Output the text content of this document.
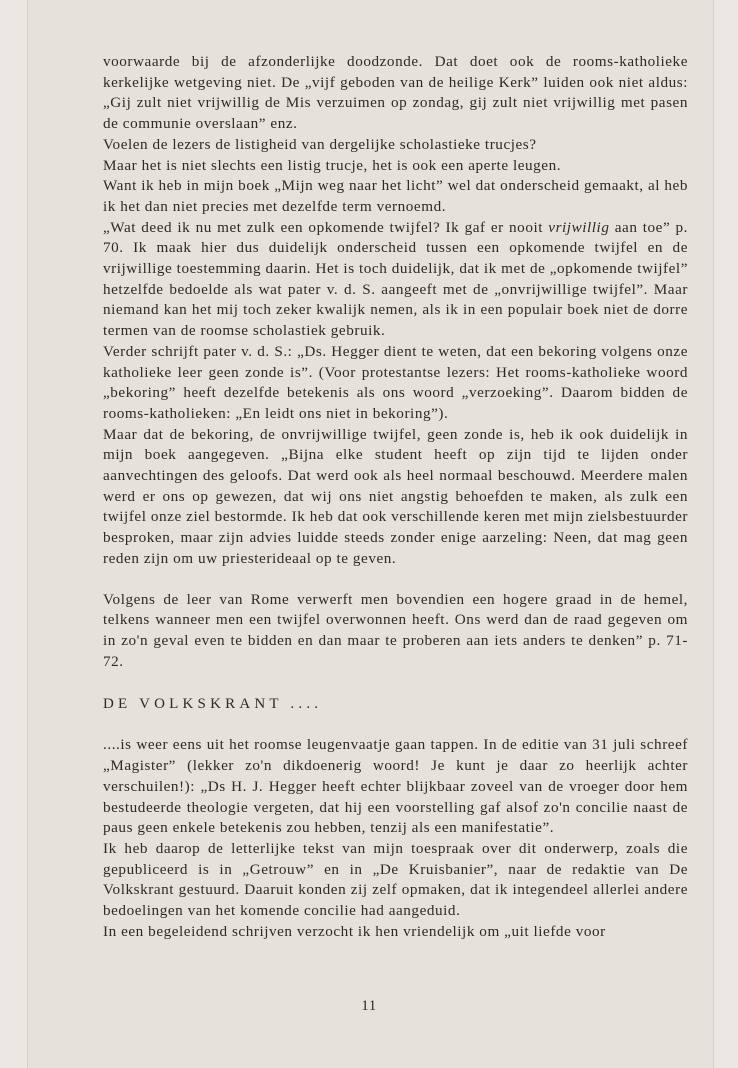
voorwaarde bij de afzonderlijke doodzonde. Dat doet ook de rooms-katholieke kerkelijke wetgeving niet. De „vijf geboden van de heilige Kerk” luiden ook niet aldus: „Gij zult niet vrijwillig de Mis verzuimen op zondag, gij zult niet vrijwillig met pasen de communie overslaan” enz.

Voelen de lezers de listigheid van dergelijke scholastieke trucjes?

Maar het is niet slechts een listig trucje, het is ook een aperte leugen.

Want ik heb in mijn boek „Mijn weg naar het licht” wel dat onderscheid gemaakt, al heb ik het dan niet precies met dezelfde term vernoemd.

„Wat deed ik nu met zulk een opkomende twijfel? Ik gaf er nooit vrijwillig aan toe” p. 70. Ik maak hier dus duidelijk onderscheid tussen een opkomende twijfel en de vrijwillige toestemming daarin. Het is toch duidelijk, dat ik met de „opkomende twijfel” hetzelfde bedoelde als wat pater v. d. S. aangeeft met de „onvrijwillige twijfel”. Maar niemand kan het mij toch zeker kwalijk nemen, als ik in een populair boek niet de dorre termen van de roomse scholastiek gebruik.

Verder schrijft pater v. d. S.: „Ds. Hegger dient te weten, dat een bekoring volgens onze katholieke leer geen zonde is”. (Voor protestantse lezers: Het rooms-katholieke woord „bekoring” heeft dezelfde betekenis als ons woord „verzoeking”. Daarom bidden de rooms-katholieken: „En leidt ons niet in bekoring”).

Maar dat de bekoring, de onvrijwillige twijfel, geen zonde is, heb ik ook duidelijk in mijn boek aangegeven. „Bijna elke student heeft op zijn tijd te lijden onder aanvechtingen des geloofs. Dat werd ook als heel normaal beschouwd. Meerdere malen werd er ons op gewezen, dat wij ons niet angstig behoefden te maken, als zulk een twijfel onze ziel bestormde. Ik heb dat ook verschillende keren met mijn zielsbestuurder besproken, maar zijn advies luidde steeds zonder enige aarzeling: Neen, dat mag geen reden zijn om uw priesterideaal op te geven.

Volgens de leer van Rome verwerft men bovendien een hogere graad in de hemel, telkens wanneer men een twijfel overwonnen heeft. Ons werd dan de raad gegeven om in zo'n geval even te bidden en dan maar te proberen aan iets anders te denken” p. 71-72.

DE VOLKSKRANT ....

....is weer eens uit het roomse leugenvaatje gaan tappen. In de editie van 31 juli schreef „Magister” (lekker zo'n dikdoenerig woord! Je kunt je daar zo heerlijk achter verschuilen!): „Ds H. J. Hegger heeft echter blijkbaar zoveel van de vroeger door hem bestudeerde theologie vergeten, dat hij een voorstelling gaf alsof zo'n concilie naast de paus geen enkele betekenis zou hebben, tenzij als een manifestatie”.

Ik heb daarop de letterlijke tekst van mijn toespraak over dit onderwerp, zoals die gepubliceerd is in „Getrouw” en in „De Kruisbanier”, naar de redaktie van De Volkskrant gestuurd. Daaruit konden zij zelf opmaken, dat ik integendeel allerlei andere bedoelingen van het komende concilie had aangeduid.

In een begeleidend schrijven verzocht ik hen vriendelijk om „uit liefde voor

11
